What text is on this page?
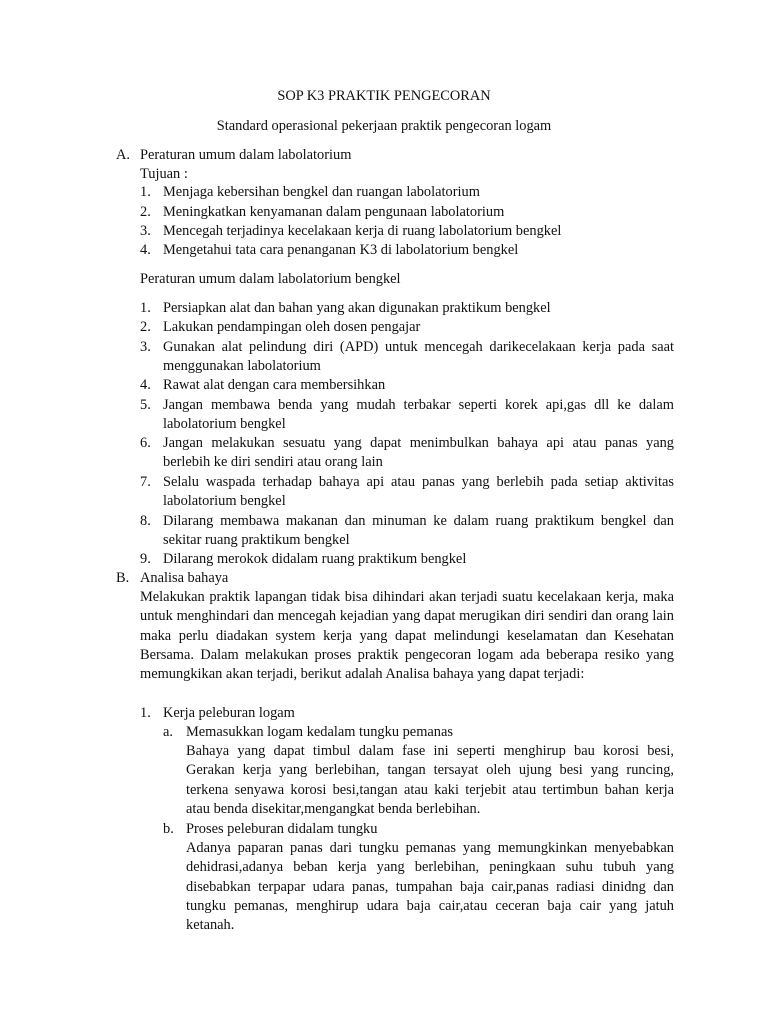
SOP K3 PRAKTIK PENGECORAN

Standard operasional pekerjaan praktik pengecoran logam

A. Peraturan umum dalam labolatorium

Tujuan :

1. Menjaga kebersihan bengkel dan ruangan labolatorium

2. Meningkatkan kenyamanan dalam pengunaan labolatorium

3. Mencegah terjadinya kecelakaan kerja di ruang labolatorium bengkel

4. Mengetahui tata cara penanganan K3 di labolatorium bengkel

Peraturan umum dalam labolatorium bengkel

1. Persiapkan alat dan bahan yang akan digunakan praktikum bengkel

2. Lakukan pendampingan oleh dosen pengajar

3. Gunakan alat pelindung diri (APD) untuk mencegah darikecelakaan kerja pada saat menggunakan labolatorium

4. Rawat alat dengan cara membersihkan

5. Jangan membawa benda yang mudah terbakar seperti korek api,gas dll ke dalam labolatorium bengkel

6. Jangan melakukan sesuatu yang dapat menimbulkan bahaya api atau panas yang berlebih ke diri sendiri atau orang lain

7. Selalu waspada terhadap bahaya api atau panas yang berlebih pada setiap aktivitas labolatorium bengkel

8. Dilarang membawa makanan dan minuman ke dalam ruang praktikum bengkel dan sekitar ruang praktikum bengkel

9. Dilarang merokok didalam ruang praktikum bengkel

B. Analisa bahaya

Melakukan praktik lapangan tidak bisa dihindari akan terjadi suatu kecelakaan kerja, maka untuk menghindari dan mencegah kejadian yang dapat merugikan diri sendiri dan orang lain maka perlu diadakan system kerja yang dapat melindungi keselamatan dan Kesehatan Bersama. Dalam melakukan proses praktik pengecoran logam ada beberapa resiko yang memungkikan akan terjadi, berikut adalah Analisa bahaya yang dapat terjadi:

1. Kerja peleburan logam

a. Memasukkan logam kedalam tungku pemanas

Bahaya yang dapat timbul dalam fase ini seperti menghirup bau korosi besi, Gerakan kerja yang berlebihan, tangan tersayat oleh ujung besi yang runcing, terkena senyawa korosi besi,tangan atau kaki terjebit atau tertimbun bahan kerja atau benda disekitar,mengangkat benda berlebihan.

b. Proses peleburan didalam tungku

Adanya paparan panas dari tungku pemanas yang memungkinkan menyebabkan dehidrasi,adanya beban kerja yang berlebihan, peningkaan suhu tubuh yang disebabkan terpapar udara panas, tumpahan baja cair,panas radiasi dinidng dan tungku pemanas, menghirup udara baja cair,atau ceceran baja cair yang jatuh ketanah.
